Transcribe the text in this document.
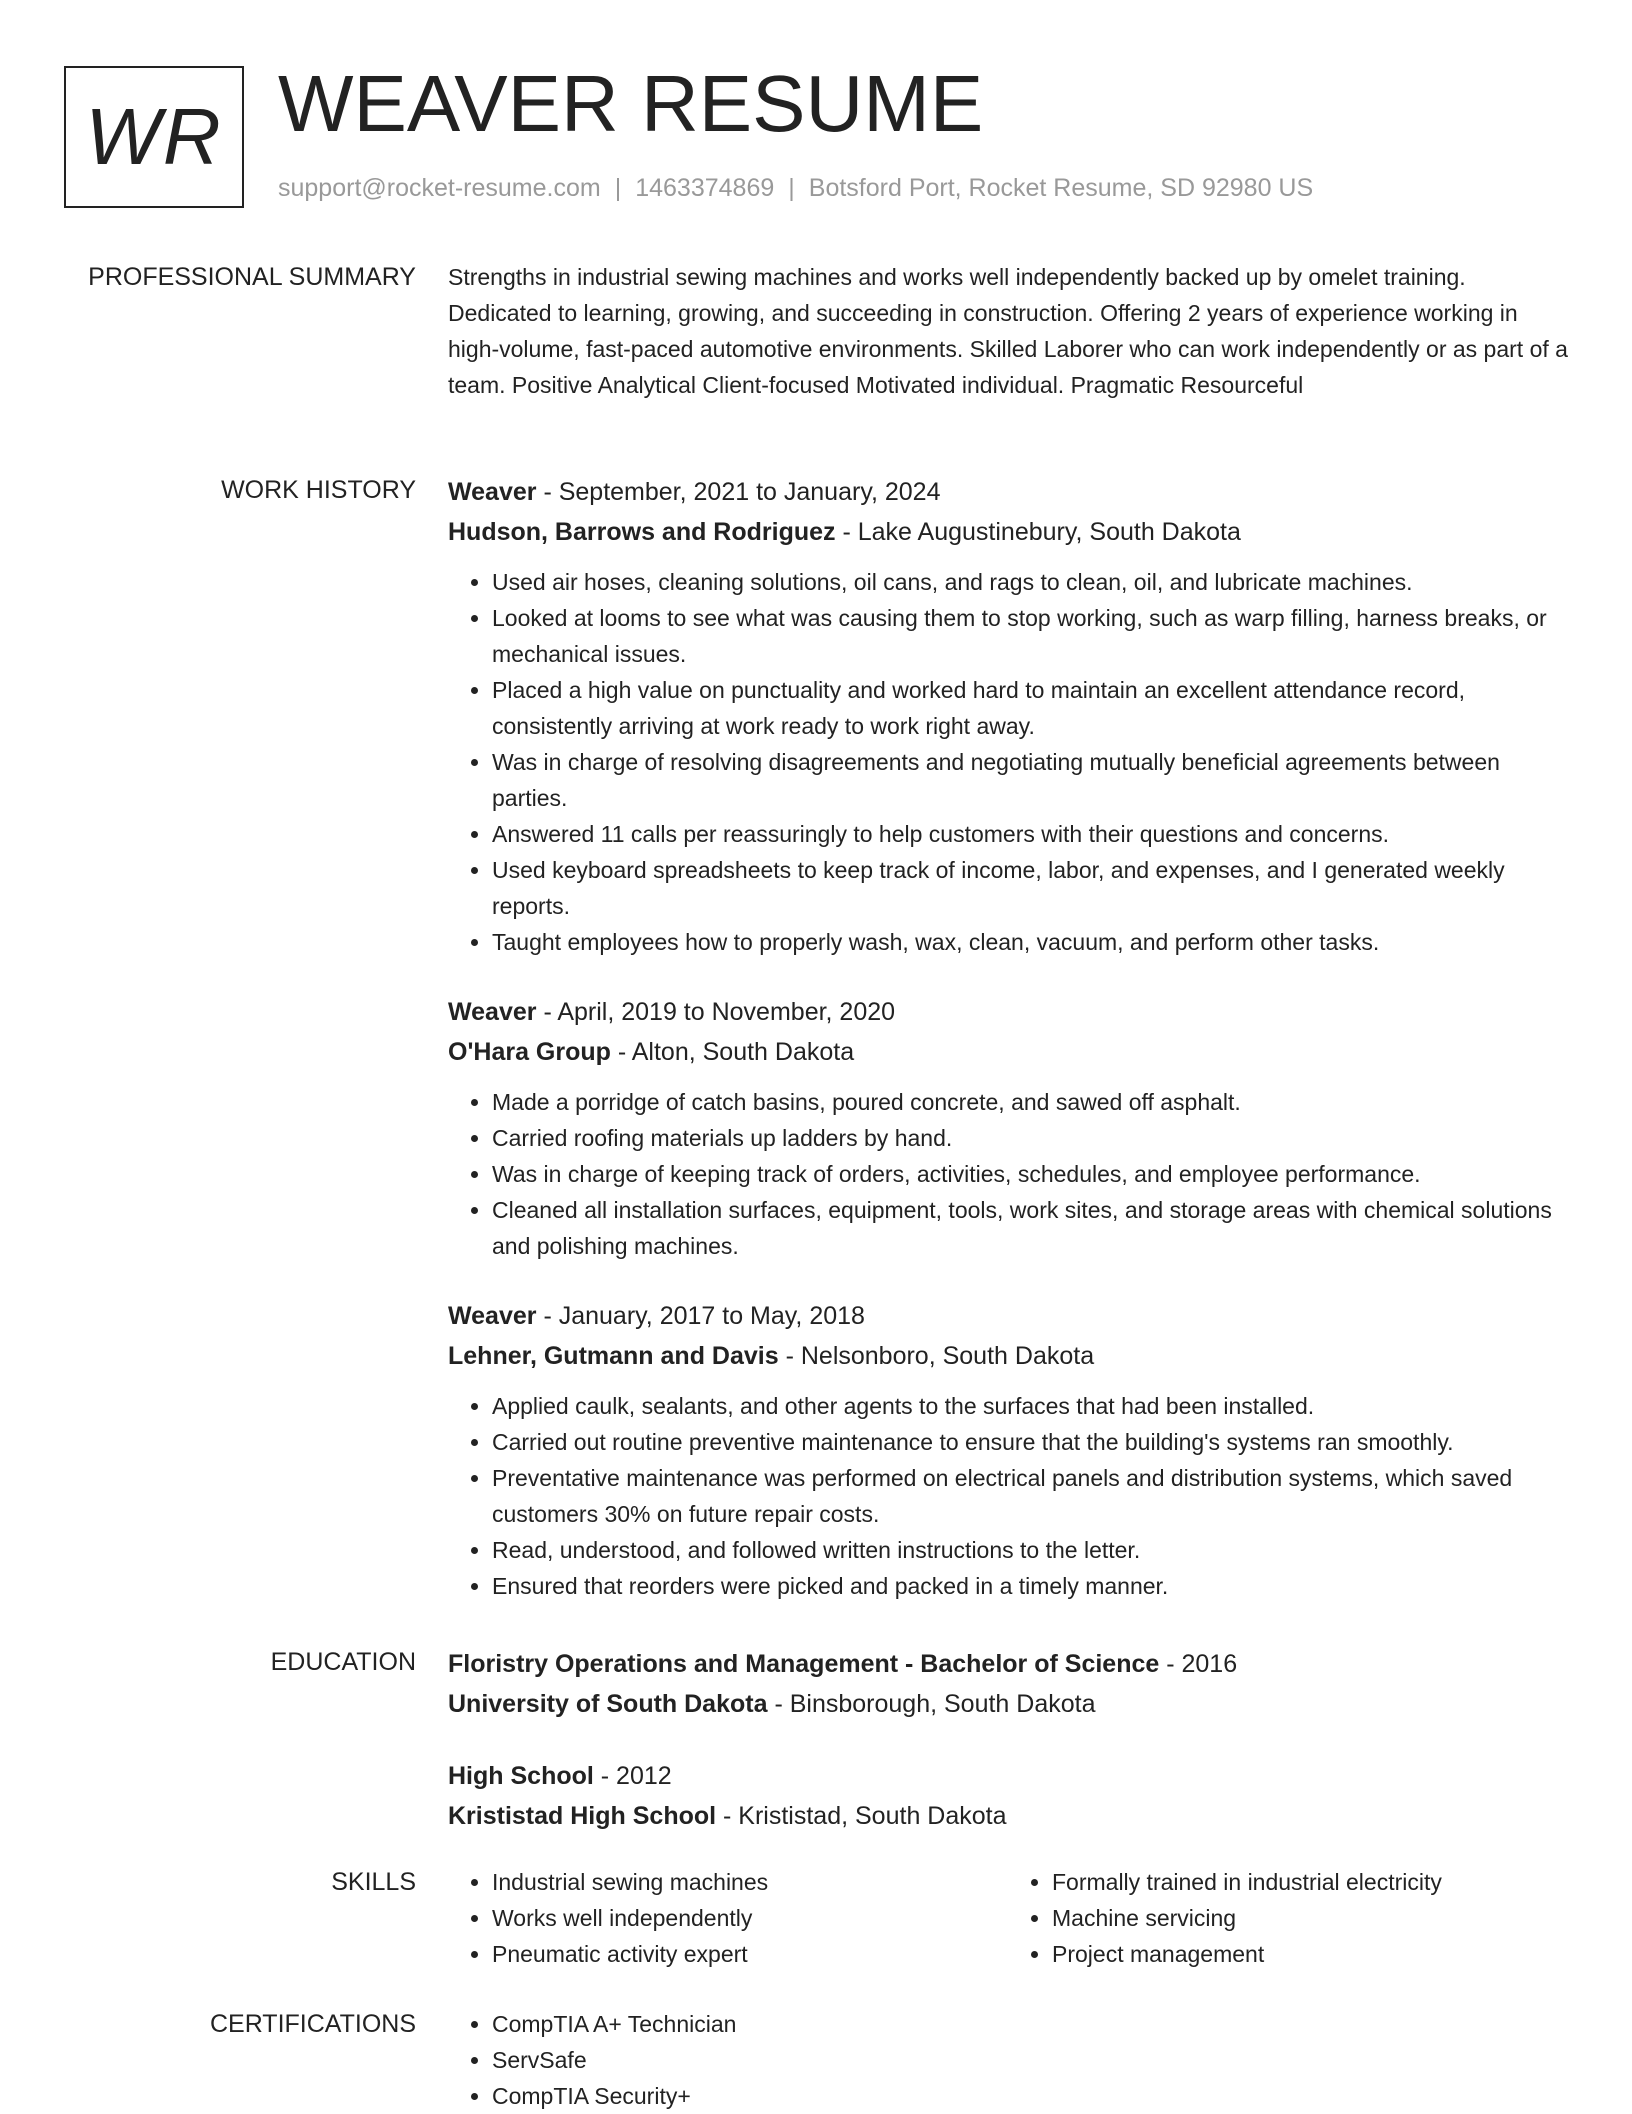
WR WEAVER RESUME
support@rocket-resume.com | 1463374869 | Botsford Port, Rocket Resume, SD 92980 US
PROFESSIONAL SUMMARY Strengths in industrial sewing machines and works well independently backed up by omelet training. Dedicated to learning, growing, and succeeding in construction. Offering 2 years of experience working in high-volume, fast-paced automotive environments. Skilled Laborer who can work independently or as part of a team. Positive Analytical Client-focused Motivated individual. Pragmatic Resourceful

WORK HISTORY Weaver - September, 2021 to January, 2024
Hudson, Barrows and Rodriguez - Lake Augustinebury, South Dakota
• Used air hoses, cleaning solutions, oil cans, and rags to clean, oil, and lubricate machines.
• Looked at looms to see what was causing them to stop working, such as warp filling, harness breaks, or mechanical issues.
• Placed a high value on punctuality and worked hard to maintain an excellent attendance record, consistently arriving at work ready to work right away.
• Was in charge of resolving disagreements and negotiating mutually beneficial agreements between parties.
• Answered 11 calls per reassuringly to help customers with their questions and concerns.
• Used keyboard spreadsheets to keep track of income, labor, and expenses, and I generated weekly reports.
• Taught employees how to properly wash, wax, clean, vacuum, and perform other tasks.
Weaver - April, 2019 to November, 2020
O'Hara Group - Alton, South Dakota
• Made a porridge of catch basins, poured concrete, and sawed off asphalt.
• Carried roofing materials up ladders by hand.
• Was in charge of keeping track of orders, activities, schedules, and employee performance.
• Cleaned all installation surfaces, equipment, tools, work sites, and storage areas with chemical solutions and polishing machines.
Weaver - January, 2017 to May, 2018
Lehner, Gutmann and Davis - Nelsonboro, South Dakota
• Applied caulk, sealants, and other agents to the surfaces that had been installed.
• Carried out routine preventive maintenance to ensure that the building's systems ran smoothly.
• Preventative maintenance was performed on electrical panels and distribution systems, which saved customers 30% on future repair costs.
• Read, understood, and followed written instructions to the letter.
• Ensured that reorders were picked and packed in a timely manner.
EDUCATION Floristry Operations and Management - Bachelor of Science - 2016
University of South Dakota - Binsborough, South Dakota
High School - 2012
Krististad High School - Krististad, South Dakota
SKILLS	• Industrial sewing machines
• Works well independently
• Pneumatic activity expert
• Formally trained in industrial electricity
• Machine servicing
• Project management
CERTIFICATIONS	• CompTIA A+ Technician
• ServSafe
• CompTIA Security+
